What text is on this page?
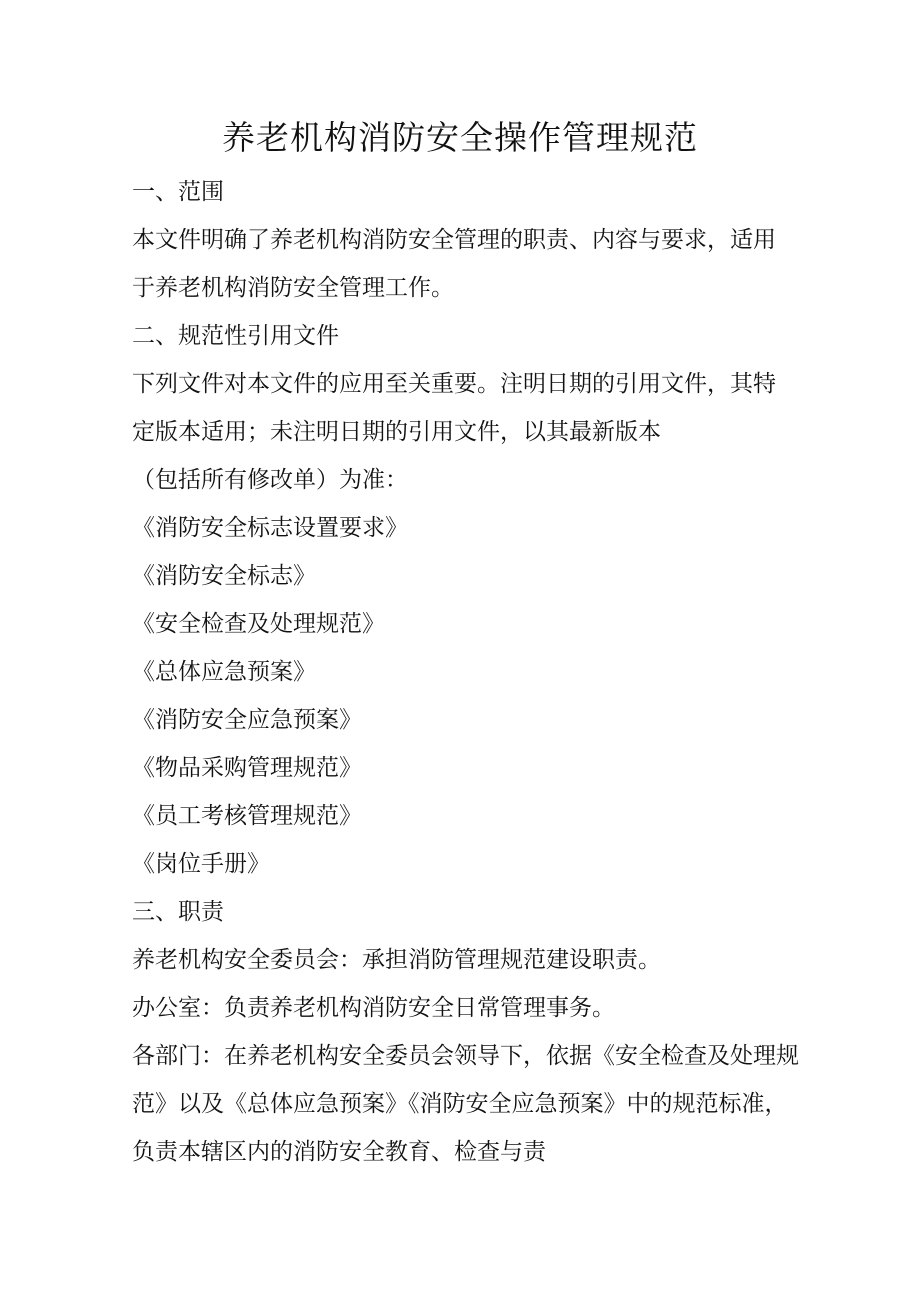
养老机构消防安全操作管理规范

一、范围

本文件明确了养老机构消防安全管理的职责、内容与要求，适用

于养老机构消防安全管理工作。

二、规范性引用文件

下列文件对本文件的应用至关重要。注明日期的引用文件，其特

定版本适用；未注明日期的引用文件，以其最新版本

（包括所有修改单）为准：

《消防安全标志设置要求》

《消防安全标志》

《安全检查及处理规范》

《总体应急预案》

《消防安全应急预案》

《物品采购管理规范》

《员工考核管理规范》

《岗位手册》

三、职责

养老机构安全委员会：承担消防管理规范建设职责。

办公室：负责养老机构消防安全日常管理事务。

各部门：在养老机构安全委员会领导下，依据《安全检查及处理规

范》以及《总体应急预案》《消防安全应急预案》中的规范标准，

负责本辖区内的消防安全教育、检查与责
